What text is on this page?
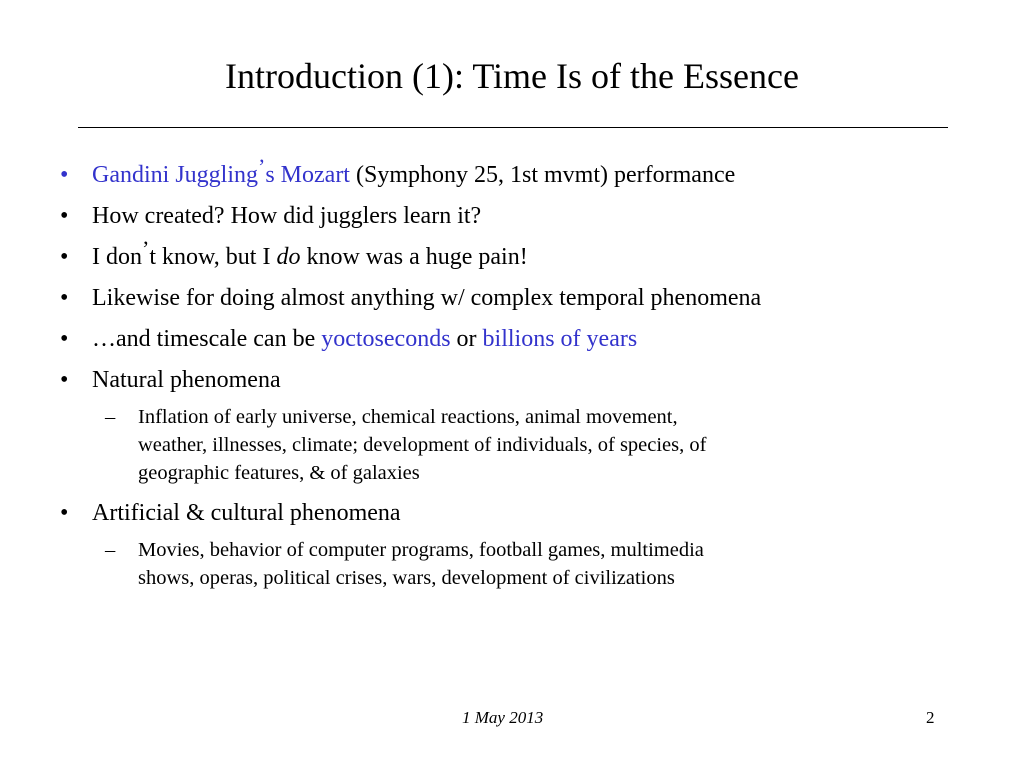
Introduction (1): Time Is of the Essence
• Gandini Juggling’s Mozart (Symphony 25, 1st mvmt) performance
• How created? How did jugglers learn it?
• I don’t know, but I do know was a huge pain!
• Likewise for doing almost anything w/ complex temporal phenomena
• …and timescale can be yoctoseconds or billions of years
• Natural phenomena
–	Inflation of early universe, chemical reactions, animal movement,
weather, illnesses, climate; development of individuals, of species, of
geographic features, & of galaxies
• Artificial & cultural phenomena
–	Movies, behavior of computer programs, football games, multimedia
shows, operas, political crises, wars, development of civilizations
1 May 2013	2
